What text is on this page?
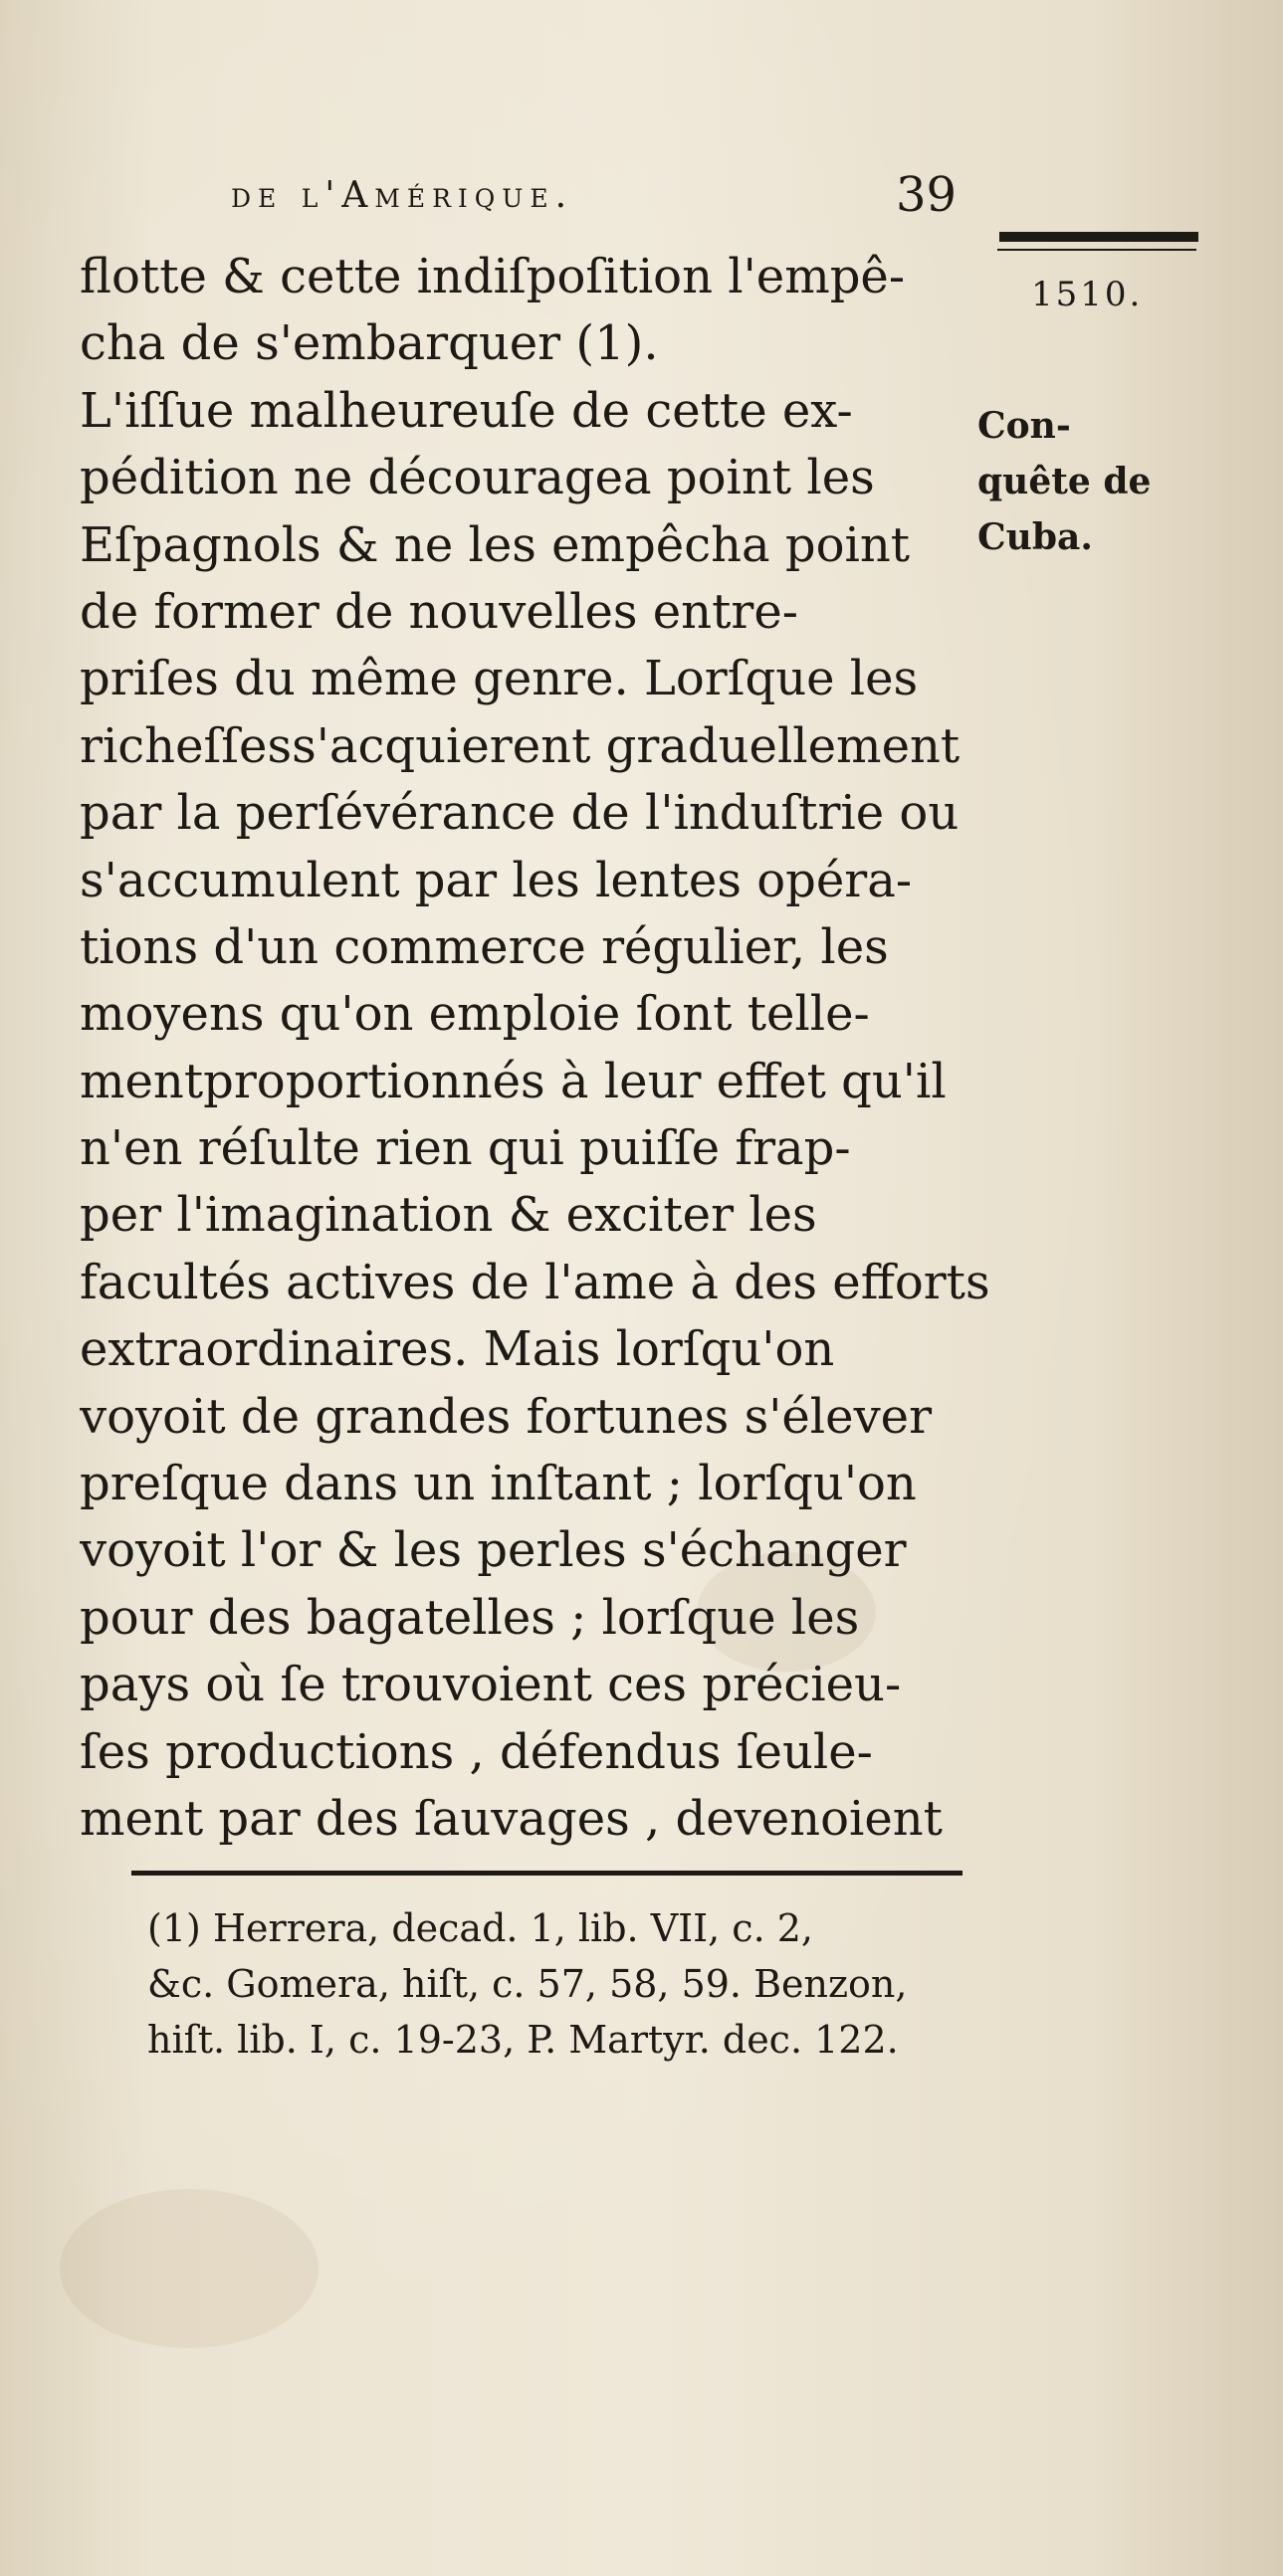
de l'Amérique.	39
1510.
Con-
quête de
Cuba.
flotte & cette indiſpoſition l'empê-
cha de s'embarquer (1).
L'iſſue malheureuſe de cette ex-
pédition ne découragea point les
Eſpagnols & ne les empêcha point
de former de nouvelles entre-
priſes du même genre. Lorſque les
richeſſess'acquierent graduellement
par la perſévérance de l'induſtrie ou
s'accumulent par les lentes opéra-
tions d'un commerce régulier, les
moyens qu'on emploie ſont telle-
mentproportionnés à leur effet qu'il
n'en réſulte rien qui puiſſe frap-
per l'imagination & exciter les
facultés actives de l'ame à des efforts
extraordinaires. Mais lorſqu'on
voyoit de grandes fortunes s'élever
preſque dans un inſtant ; lorſqu'on
voyoit l'or & les perles s'échanger
pour des bagatelles ; lorſque les
pays où ſe trouvoient ces précieu-
ſes productions , défendus ſeule-
ment par des ſauvages , devenoient
(1) Herrera, decad. 1, lib. VII, c. 2,
&c. Gomera, hiſt, c. 57, 58, 59. Benzon,
hiſt. lib. I, c. 19-23, P. Martyr. dec. 122.
